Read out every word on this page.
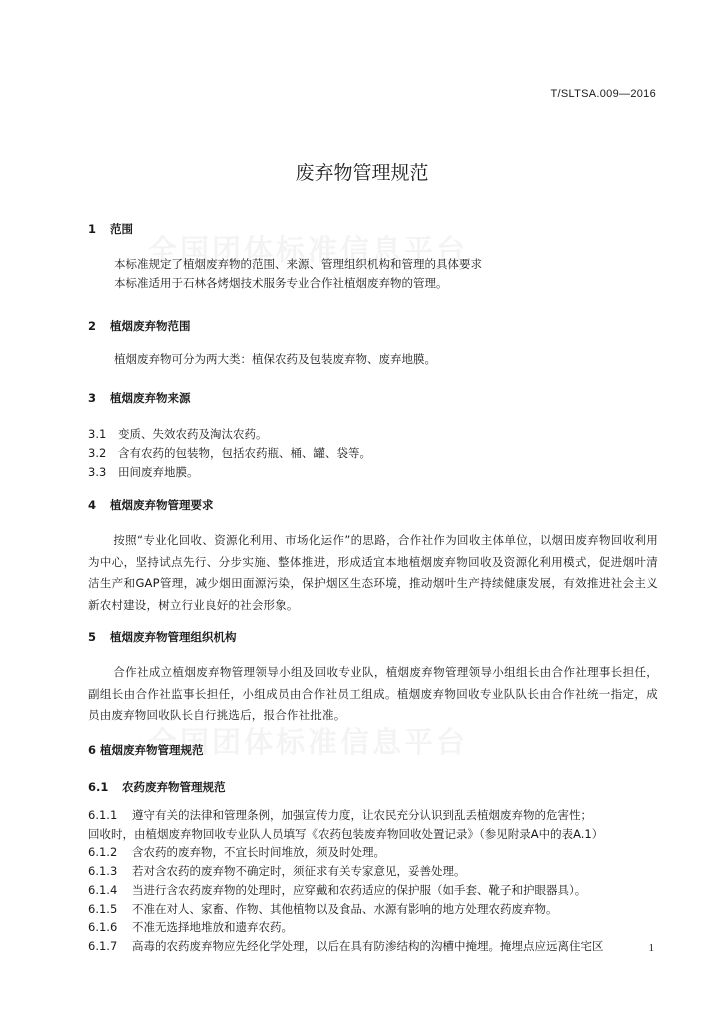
T/SLTSA.009—2016
废弃物管理规范
1 范围
本标准规定了植烟废弃物的范围、来源、管理组织机构和管理的具体要求
本标准适用于石林各烤烟技术服务专业合作社植烟废弃物的管理。
2 植烟废弃物范围
植烟废弃物可分为两大类：植保农药及包装废弃物、废弃地膜。
3 植烟废弃物来源
3.1	变质、失效农药及淘汰农药。
3.2	含有农药的包装物，包括农药瓶、桶、罐、袋等。
3.3	田间废弃地膜。
4 植烟废弃物管理要求
按照“专业化回收、资源化利用、市场化运作”的思路，合作社作为回收主体单位，以烟田废弃物回收利用为中心，坚持试点先行、分步实施、整体推进，形成适宜本地植烟废弃物回收及资源化利用模式，促进烟叶清洁生产和GAP管理，减少烟田面源污染，保护烟区生态环境，推动烟叶生产持续健康发展，有效推进社会主义新农村建设，树立行业良好的社会形象。
5 植烟废弃物管理组织机构
合作社成立植烟废弃物管理领导小组及回收专业队，植烟废弃物管理领导小组组长由合作社理事长担任，副组长由合作社监事长担任，小组成员由合作社员工组成。植烟废弃物回收专业队队长由合作社统一指定，成员由废弃物回收队长自行挑选后，报合作社批准。
6 植烟废弃物管理规范
6.1 农药废弃物管理规范
6.1.1 遵守有关的法律和管理条例，加强宣传力度，让农民充分认识到乱丢植烟废弃物的危害性；
回收时，由植烟废弃物回收专业队人员填写《农药包装废弃物回收处置记录》（参见附录A中的表A.1）
6.1.2 含农药的废弃物，不宜长时间堆放，须及时处理。
6.1.3 若对含农药的废弃物不确定时，须征求有关专家意见，妥善处理。
6.1.4 当进行含农药废弃物的处理时，应穿戴和农药适应的保护服（如手套、靴子和护眼器具）。
6.1.5 不准在对人、家畜、作物、其他植物以及食品、水源有影响的地方处理农药废弃物。
6.1.6 不准无选择地堆放和遗弃农药。
6.1.7 高毒的农药废弃物应先经化学处理，以后在具有防渗结构的沟槽中掩埋。掩埋点应远离住宅区	1
